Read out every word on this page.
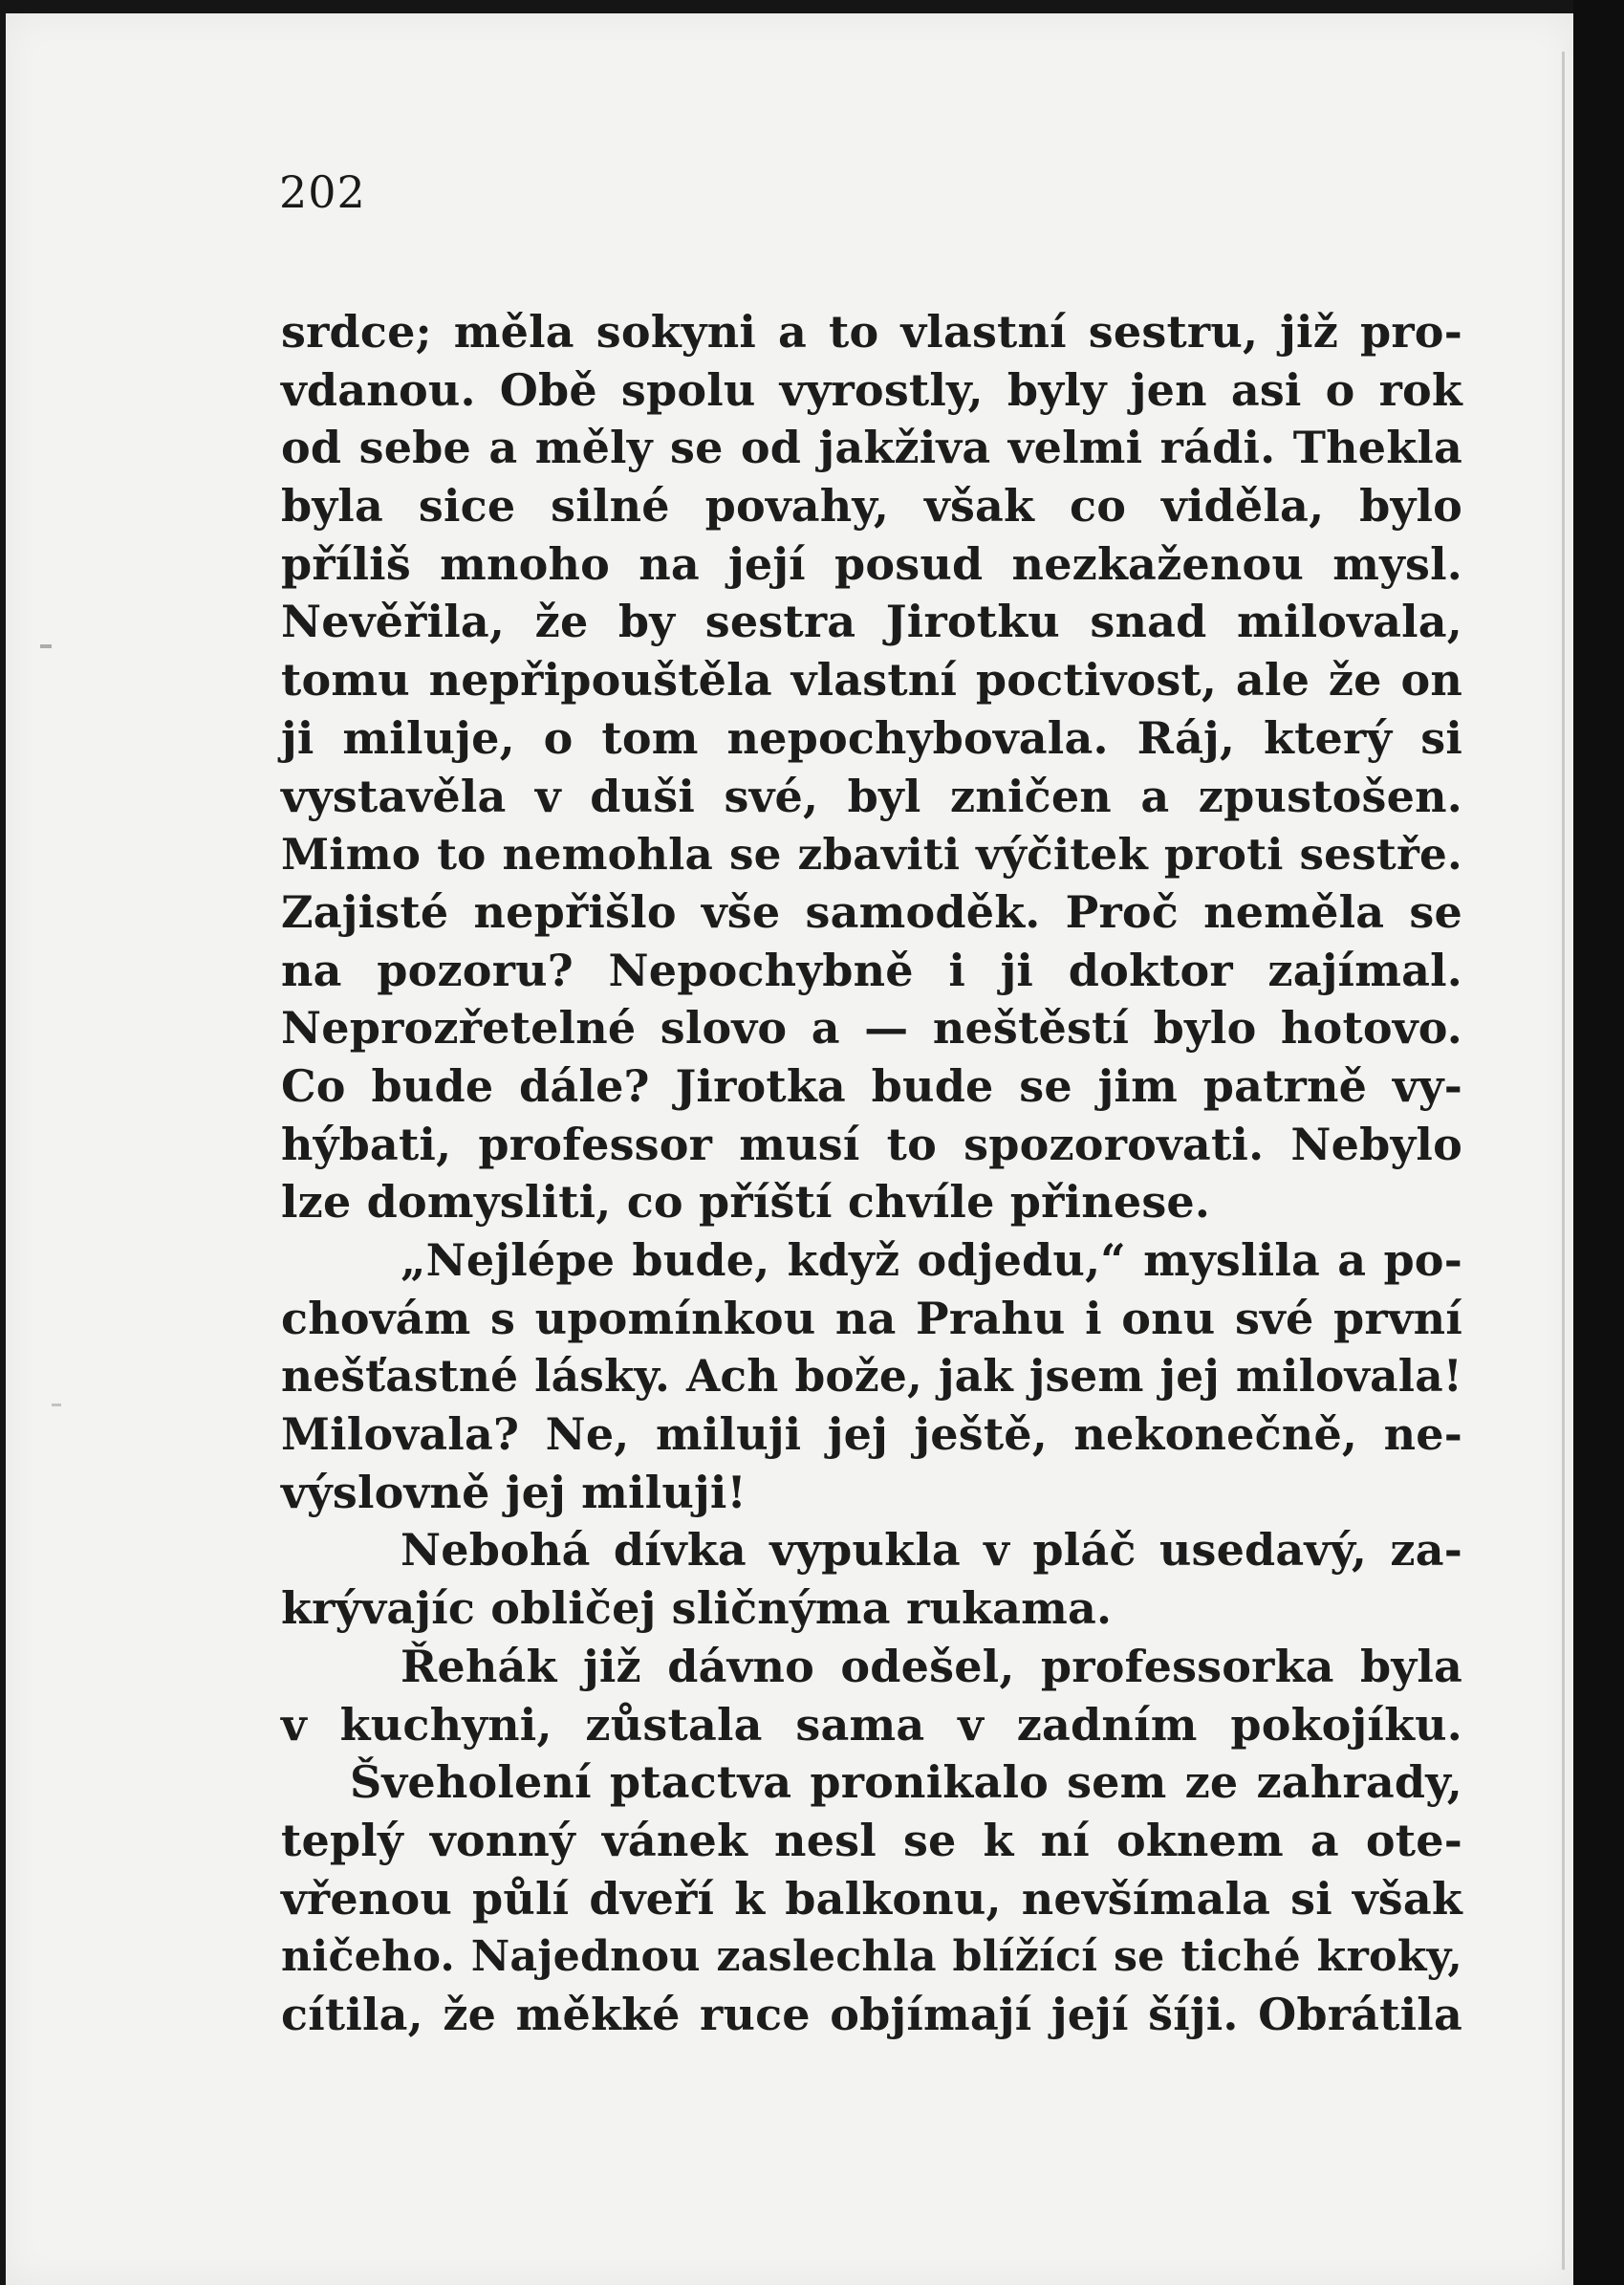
202
srdce; měla sokyni a to vlastní sestru, již pro-
vdanou. Obě spolu vyrostly, byly jen asi o rok
od sebe a měly se od jakživa velmi rádi. Thekla
byla sice silné povahy, však co viděla, bylo
příliš mnoho na její posud nezkaženou mysl.
Nevěřila, že by sestra Jirotku snad milovala,
tomu nepřipouštěla vlastní poctivost, ale že on
ji miluje, o tom nepochybovala. Ráj, který si
vystavěla v duši své, byl zničen a zpustošen.
Mimo to nemohla se zbaviti výčitek proti sestře.
Zajisté nepřišlo vše samoděk. Proč neměla se
na pozoru? Nepochybně i ji doktor zajímal.
Neprozřetelné slovo a — neštěstí bylo hotovo.
Co bude dále? Jirotka bude se jim patrně vy-
hýbati, professor musí to spozorovati. Nebylo
lze domysliti, co příští chvíle přinese.
„Nejlépe bude, když odjedu,“ myslila a po-
chovám s upomínkou na Prahu i onu své první
nešťastné lásky. Ach bože, jak jsem jej milovala!
Milovala? Ne, miluji jej ještě, nekonečně, ne-
výslovně jej miluji!
Nebohá dívka vypukla v pláč usedavý, za-
krývajíc obličej sličnýma rukama.
Řehák již dávno odešel, professorka byla
v kuchyni, zůstala sama v zadním pokojíku.
Šveholení ptactva pronikalo sem ze zahrady,
teplý vonný vánek nesl se k ní oknem a ote-
vřenou půlí dveří k balkonu, nevšímala si však
ničeho. Najednou zaslechla blížící se tiché kroky,
cítila, že měkké ruce objímají její šíji. Obrátila
